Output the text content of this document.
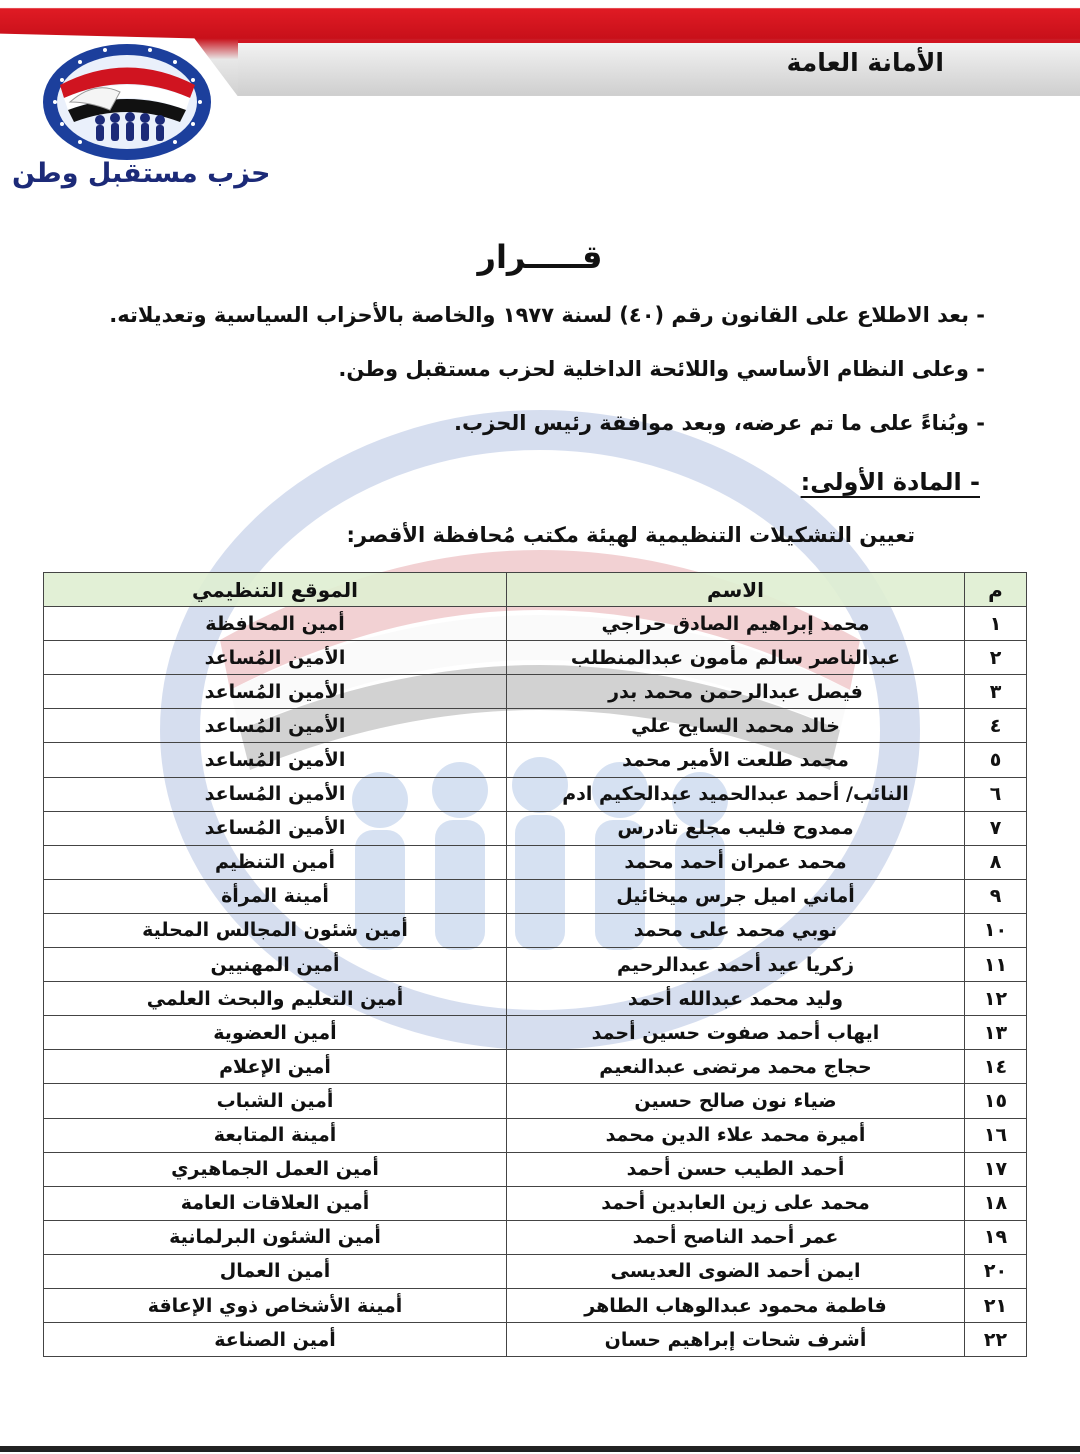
الأمانة العامة
حزب مستقبل وطن
قـــــرار
- بعد الاطلاع على القانون رقم (٤٠) لسنة ١٩٧٧ والخاصة بالأحزاب السياسية وتعديلاته.
- وعلى النظام الأساسي واللائحة الداخلية لحزب مستقبل وطن.
- وبُناءً على ما تم عرضه، وبعد موافقة رئيس الحزب.
- المادة الأولى:
تعيين التشكيلات التنظيمية لهيئة مكتب مُحافظة الأقصر:
م	الاسم	الموقع التنظيمي
١	محمد إبراهيم الصادق حراجي	أمين المحافظة
٢	عبدالناصر سالم مأمون عبدالمنطلب	الأمين المُساعد
٣	فيصل عبدالرحمن محمد بدر	الأمين المُساعد
٤	خالد محمد السايح علي	الأمين المُساعد
٥	محمد طلعت الأمير محمد	الأمين المُساعد
٦	النائب/ أحمد عبدالحميد عبدالحكيم ادم	الأمين المُساعد
٧	ممدوح فليب مجلع تادرس	الأمين المُساعد
٨	محمد عمران أحمد محمد	أمين التنظيم
٩	أماني اميل جرس ميخائيل	أمينة المرأة
١٠	نوبي محمد على محمد	أمين شئون المجالس المحلية
١١	زكريا عيد أحمد عبدالرحيم	أمين المهنيين
١٢	وليد محمد عبدالله أحمد	أمين التعليم والبحث العلمي
١٣	ايهاب أحمد صفوت حسين أحمد	أمين العضوية
١٤	حجاج محمد مرتضى عبدالنعيم	أمين الإعلام
١٥	ضياء نون صالح حسين	أمين الشباب
١٦	أميرة محمد علاء الدين محمد	أمينة المتابعة
١٧	أحمد الطيب حسن أحمد	أمين العمل الجماهيري
١٨	محمد على زين العابدين أحمد	أمين العلاقات العامة
١٩	عمر أحمد الناصح أحمد	أمين الشئون البرلمانية
٢٠	ايمن أحمد الضوى العديسى	أمين العمال
٢١	فاطمة محمود عبدالوهاب الطاهر	أمينة الأشخاص ذوي الإعاقة
٢٢	أشرف شحات إبراهيم حسان	أمين الصناعة
